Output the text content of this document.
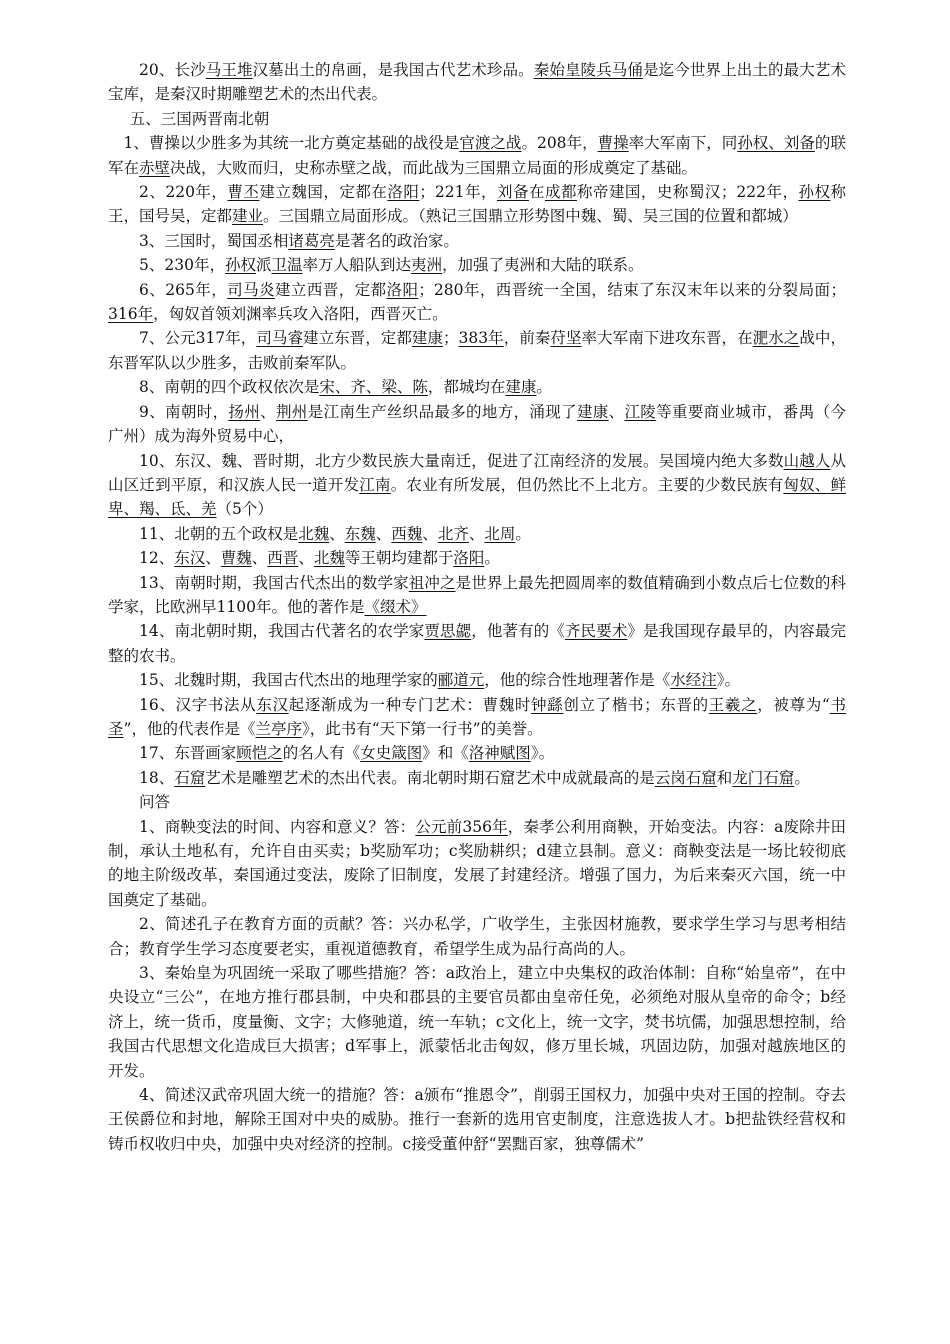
20、长沙马王堆汉墓出土的帛画，是我国古代艺术珍品。秦始皇陵兵马俑是迄今世界上出土的最大艺术宝库，是秦汉时期雕塑艺术的杰出代表。

五、三国两晋南北朝

1、曹操以少胜多为其统一北方奠定基础的战役是官渡之战。208年，曹操率大军南下，同孙权、刘备的联军在赤壁决战，大败而归，史称赤壁之战，而此战为三国鼎立局面的形成奠定了基础。

2、220年，曹丕建立魏国，定都在洛阳；221年，刘备在成都称帝建国，史称蜀汉；222年，孙权称王，国号吴，定都建业。三国鼎立局面形成。（熟记三国鼎立形势图中魏、蜀、吴三国的位置和都城）

3、三国时，蜀国丞相诸葛亮是著名的政治家。

5、230年，孙权派卫温率万人船队到达夷洲，加强了夷洲和大陆的联系。

6、265年，司马炎建立西晋，定都洛阳；280年，西晋统一全国，结束了东汉末年以来的分裂局面；316年，匈奴首领刘渊率兵攻入洛阳，西晋灭亡。

7、公元317年，司马睿建立东晋，定都建康；383年，前秦苻坚率大军南下进攻东晋，在淝水之战中，东晋军队以少胜多，击败前秦军队。

8、南朝的四个政权依次是宋、齐、梁、陈，都城均在建康。

9、南朝时，扬州、荆州是江南生产丝织品最多的地方，涌现了建康、江陵等重要商业城市，番禺（今广州）成为海外贸易中心，

10、东汉、魏、晋时期，北方少数民族大量南迁，促进了江南经济的发展。吴国境内绝大多数山越人从山区迁到平原，和汉族人民一道开发江南。农业有所发展，但仍然比不上北方。主要的少数民族有匈奴、鲜卑、羯、氐、羌（5个）

11、北朝的五个政权是北魏、东魏、西魏、北齐、北周。

12、东汉、曹魏、西晋、北魏等王朝均建都于洛阳。

13、南朝时期，我国古代杰出的数学家祖冲之是世界上最先把圆周率的数值精确到小数点后七位数的科学家，比欧洲早1100年。他的著作是《缀术》

14、南北朝时期，我国古代著名的农学家贾思勰，他著有的《齐民要术》是我国现存最早的，内容最完整的农书。

15、北魏时期，我国古代杰出的地理学家的郦道元，他的综合性地理著作是《水经注》。

16、汉字书法从东汉起逐渐成为一种专门艺术：曹魏时钟繇创立了楷书；东晋的王羲之，被尊为“书圣”，他的代表作是《兰亭序》，此书有“天下第一行书”的美誉。

17、东晋画家顾恺之的名人有《女史箴图》和《洛神赋图》。

18、石窟艺术是雕塑艺术的杰出代表。南北朝时期石窟艺术中成就最高的是云岗石窟和龙门石窟。

问答

1、商鞅变法的时间、内容和意义？答：公元前356年，秦孝公利用商鞅，开始变法。内容：a废除井田制，承认土地私有，允许自由买卖；b奖励军功；c奖励耕织；d建立县制。意义：商鞅变法是一场比较彻底的地主阶级改革，秦国通过变法，废除了旧制度，发展了封建经济。增强了国力，为后来秦灭六国，统一中国奠定了基础。

2、简述孔子在教育方面的贡献？答：兴办私学，广收学生，主张因材施教，要求学生学习与思考相结合；教育学生学习态度要老实，重视道德教育，希望学生成为品行高尚的人。

3、秦始皇为巩固统一采取了哪些措施？答：a政治上，建立中央集权的政治体制：自称“始皇帝”，在中央设立“三公”，在地方推行郡县制，中央和郡县的主要官员都由皇帝任免，必须绝对服从皇帝的命令；b经济上，统一货币，度量衡、文字；大修驰道，统一车轨；c文化上，统一文字，焚书坑儒，加强思想控制，给我国古代思想文化造成巨大损害；d军事上，派蒙恬北击匈奴，修万里长城，巩固边防，加强对越族地区的开发。

4、简述汉武帝巩固大统一的措施？答：a颁布“推恩令”，削弱王国权力，加强中央对王国的控制。夺去王侯爵位和封地，解除王国对中央的威胁。推行一套新的选用官吏制度，注意选拔人才。b把盐铁经营权和铸币权收归中央，加强中央对经济的控制。c接受董仲舒“罢黜百家，独尊儒术”
